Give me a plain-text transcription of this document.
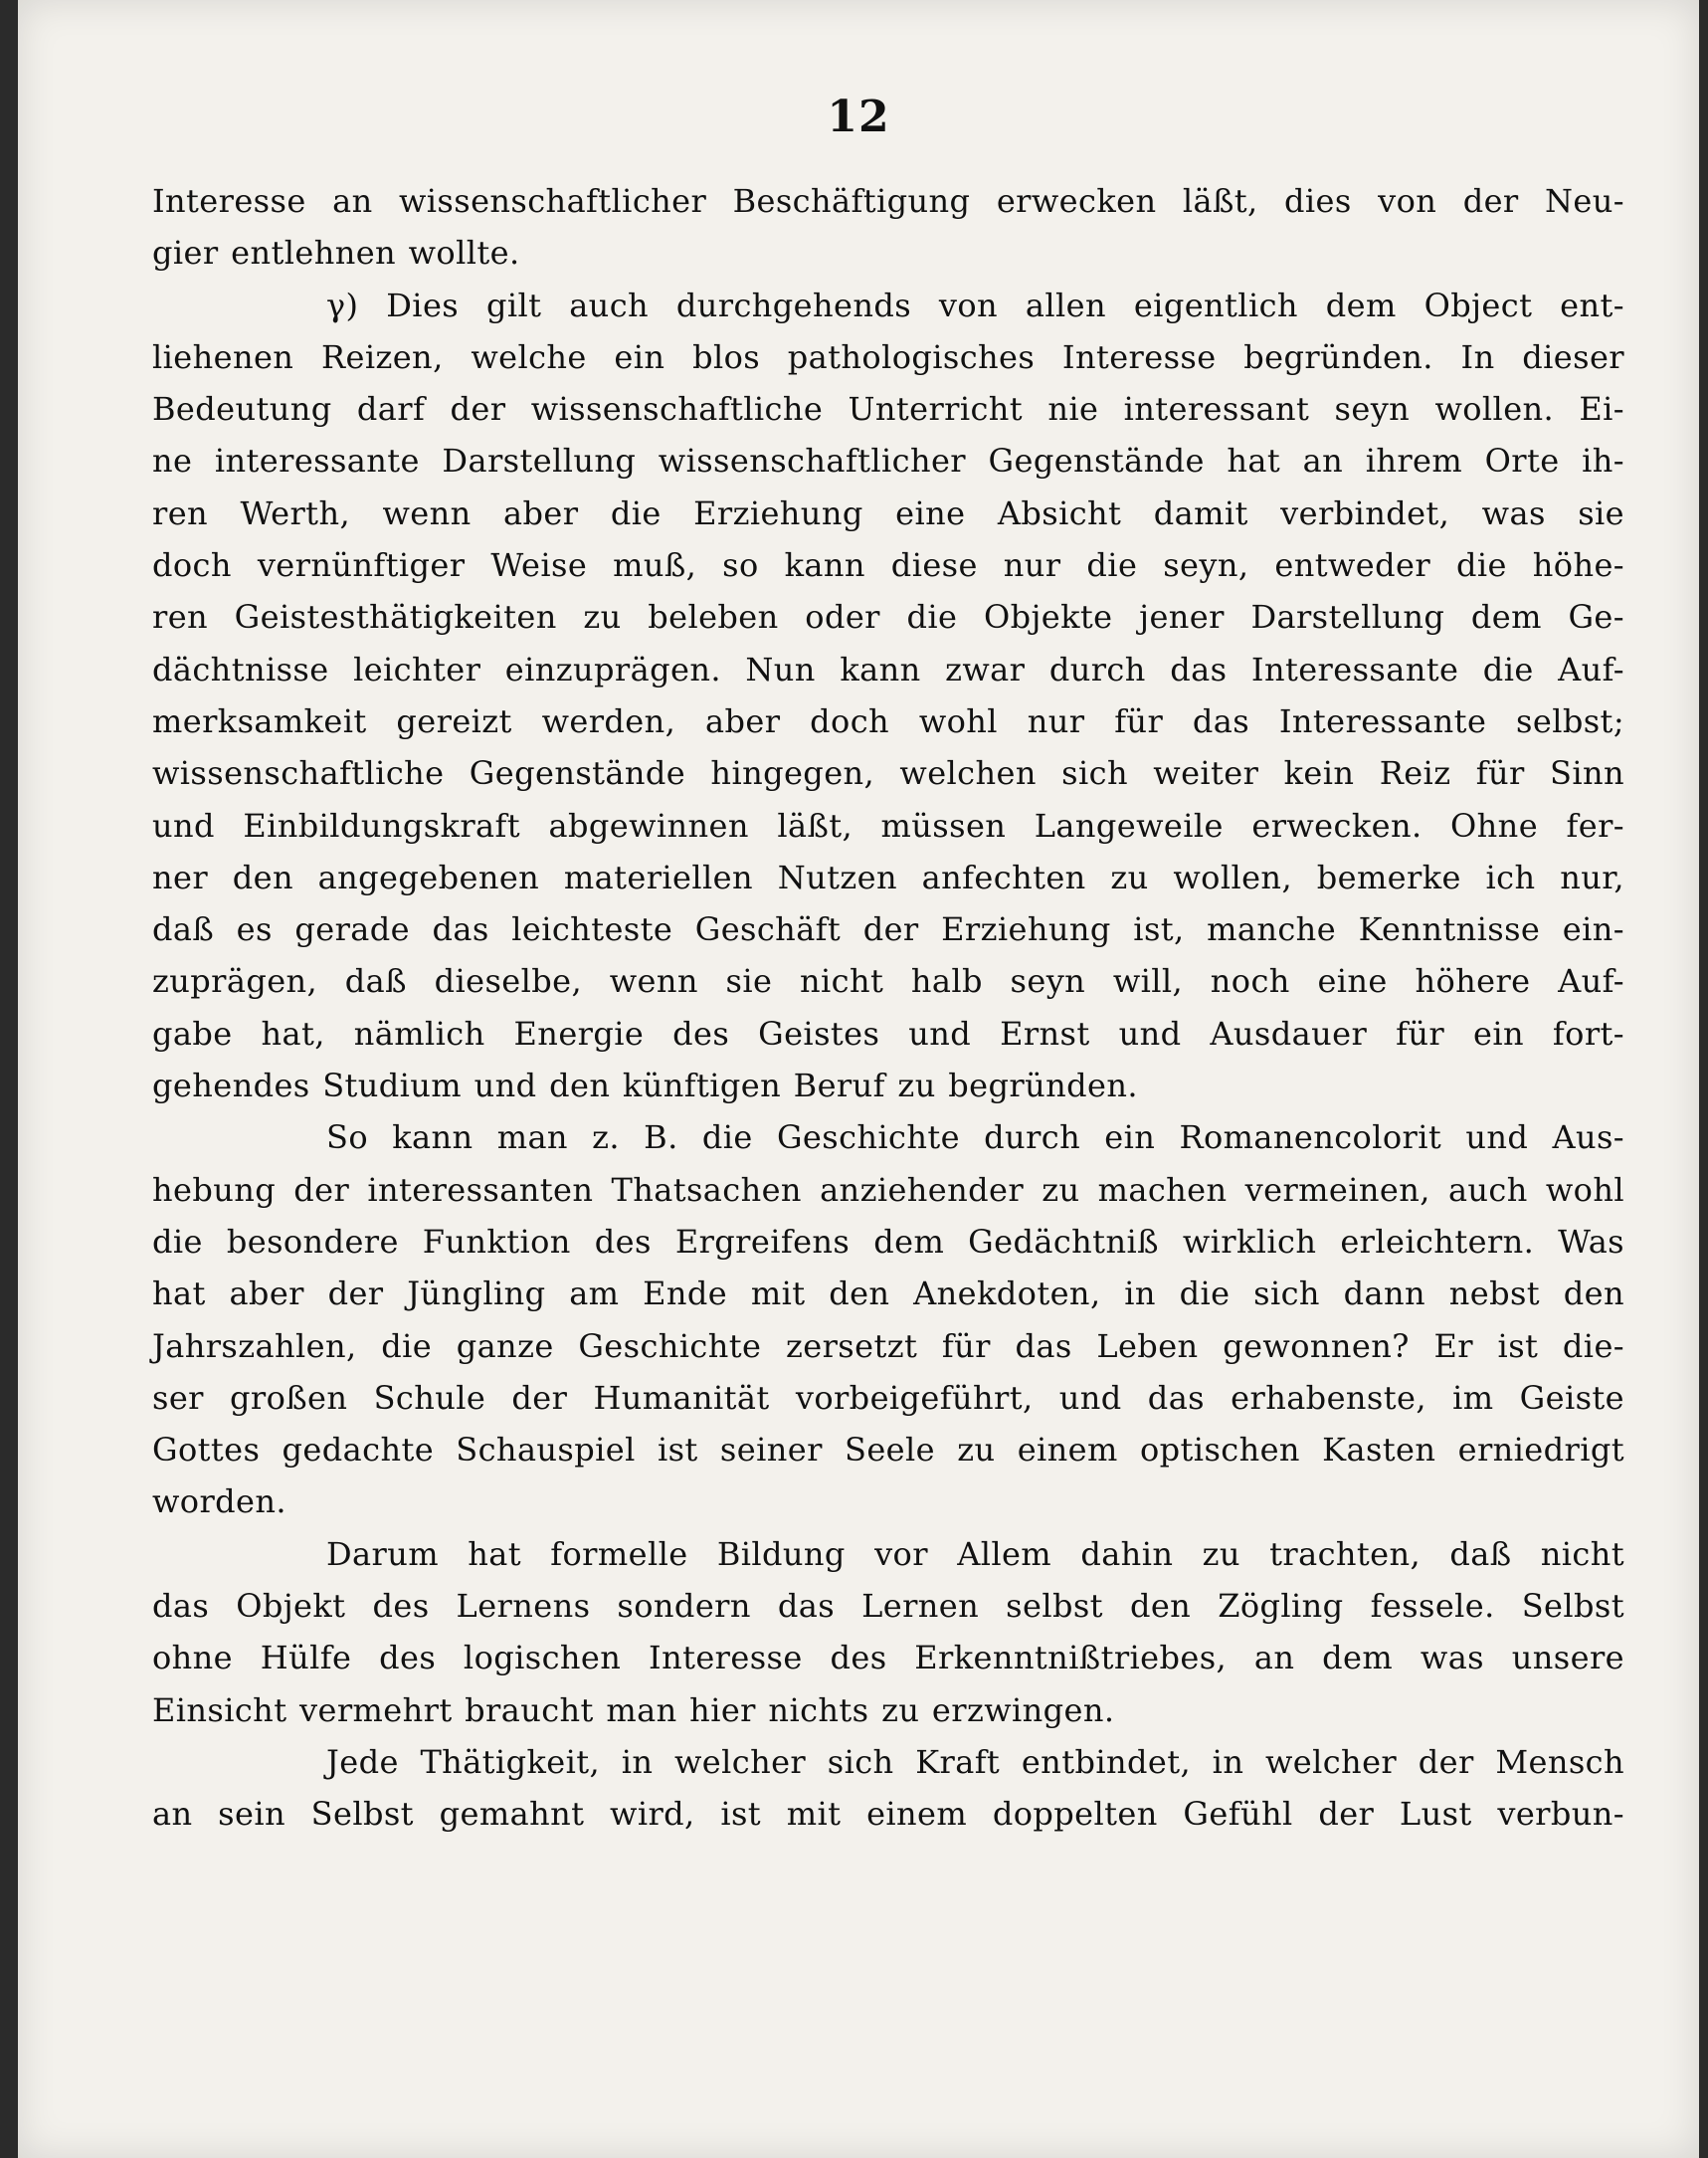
12
Interesse an wissenschaftlicher Beschäftigung erwecken läßt, dies von der Neu-
gier entlehnen wollte.
γ) Dies gilt auch durchgehends von allen eigentlich dem Object ent-
liehenen Reizen, welche ein blos pathologisches Interesse begründen. In dieser
Bedeutung darf der wissenschaftliche Unterricht nie interessant seyn wollen. Ei-
ne interessante Darstellung wissenschaftlicher Gegenstände hat an ihrem Orte ih-
ren Werth, wenn aber die Erziehung eine Absicht damit verbindet, was sie
doch vernünftiger Weise muß, so kann diese nur die seyn, entweder die höhe-
ren Geistesthätigkeiten zu beleben oder die Objekte jener Darstellung dem Ge-
dächtnisse leichter einzuprägen. Nun kann zwar durch das Interessante die Auf-
merksamkeit gereizt werden, aber doch wohl nur für das Interessante selbst;
wissenschaftliche Gegenstände hingegen, welchen sich weiter kein Reiz für Sinn
und Einbildungskraft abgewinnen läßt, müssen Langeweile erwecken. Ohne fer-
ner den angegebenen materiellen Nutzen anfechten zu wollen, bemerke ich nur,
daß es gerade das leichteste Geschäft der Erziehung ist, manche Kenntnisse ein-
zuprägen, daß dieselbe, wenn sie nicht halb seyn will, noch eine höhere Auf-
gabe hat, nämlich Energie des Geistes und Ernst und Ausdauer für ein fort-
gehendes Studium und den künftigen Beruf zu begründen.
So kann man z. B. die Geschichte durch ein Romanencolorit und Aus-
hebung der interessanten Thatsachen anziehender zu machen vermeinen, auch wohl
die besondere Funktion des Ergreifens dem Gedächtniß wirklich erleichtern. Was
hat aber der Jüngling am Ende mit den Anekdoten, in die sich dann nebst den
Jahrszahlen, die ganze Geschichte zersetzt für das Leben gewonnen? Er ist die-
ser großen Schule der Humanität vorbeigeführt, und das erhabenste, im Geiste
Gottes gedachte Schauspiel ist seiner Seele zu einem optischen Kasten erniedrigt
worden.
Darum hat formelle Bildung vor Allem dahin zu trachten, daß nicht
das Objekt des Lernens sondern das Lernen selbst den Zögling fessele. Selbst
ohne Hülfe des logischen Interesse des Erkenntnißtriebes, an dem was unsere
Einsicht vermehrt braucht man hier nichts zu erzwingen.
Jede Thätigkeit, in welcher sich Kraft entbindet, in welcher der Mensch
an sein Selbst gemahnt wird, ist mit einem doppelten Gefühl der Lust verbun-
